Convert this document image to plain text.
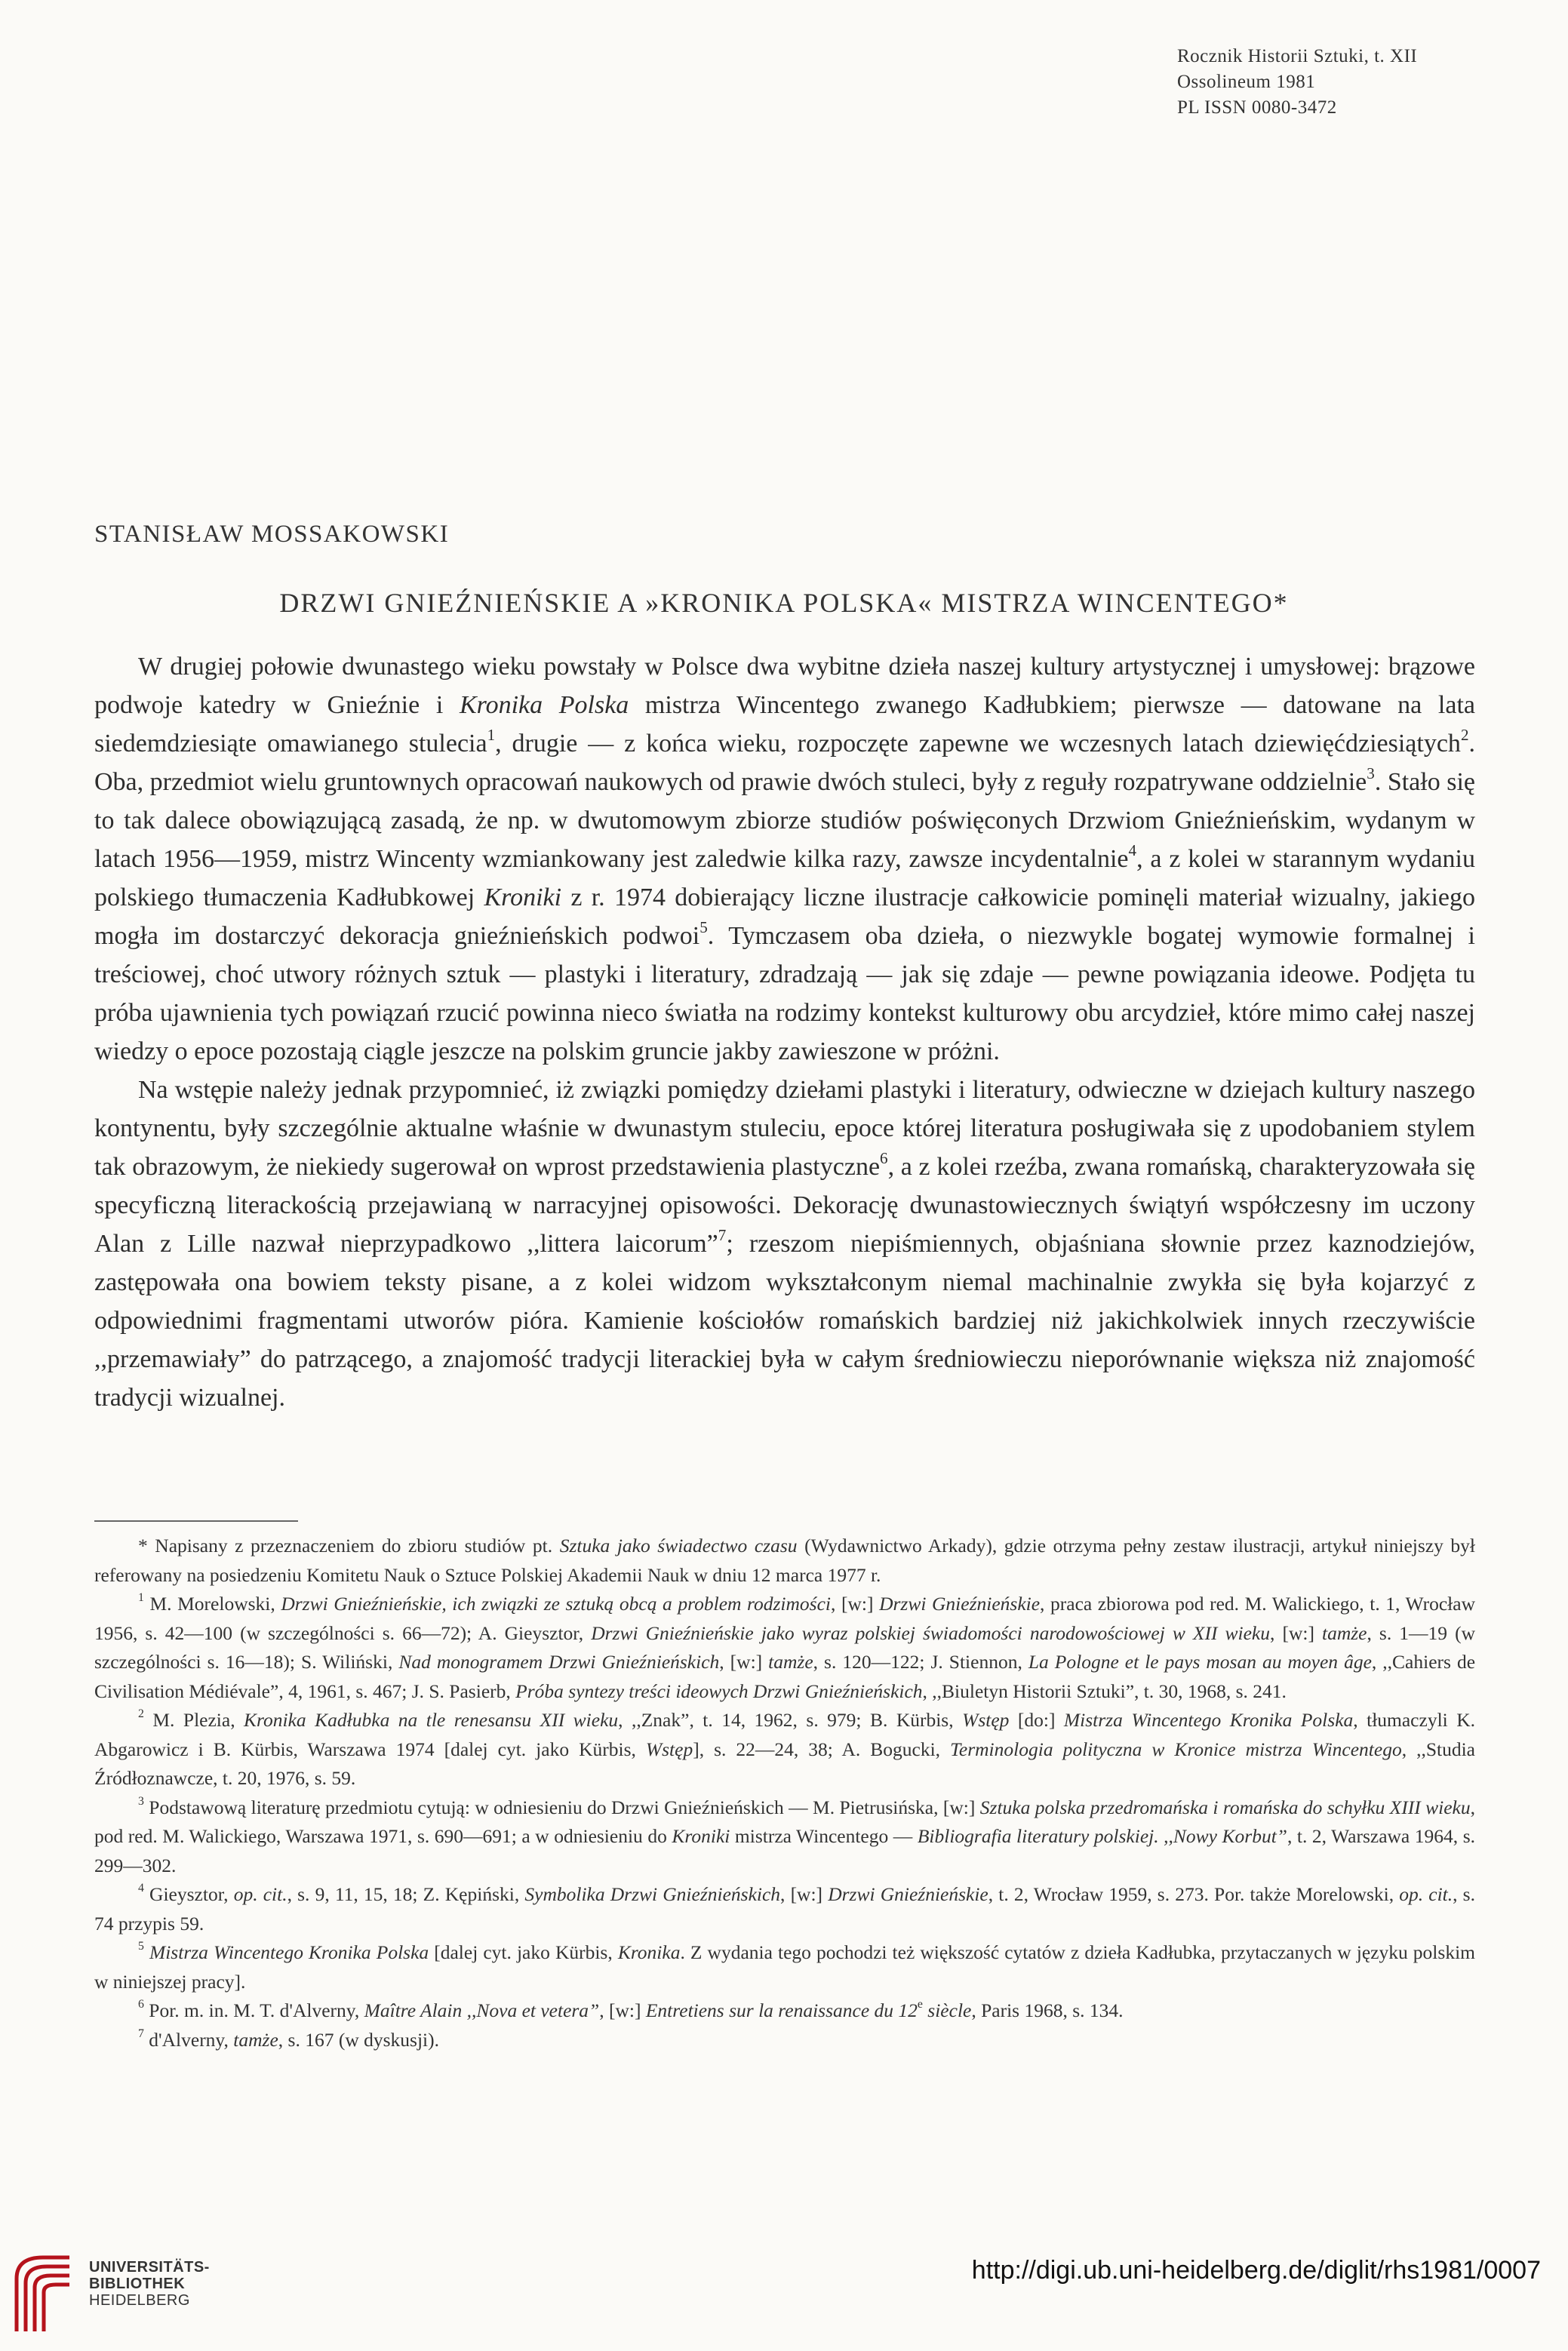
Rocznik Historii Sztuki, t. XII
Ossolineum 1981
PL ISSN 0080-3472
STANISŁAW MOSSAKOWSKI
DRZWI GNIEŹNIEŃSKIE A »KRONIKA POLSKA« MISTRZA WINCENTEGO*

W drugiej połowie dwunastego wieku powstały w Polsce dwa wybitne dzieła naszej kultury artystycznej i umysłowej: brązowe podwoje katedry w Gnieźnie i Kronika Polska mistrza Wincentego zwanego Kadłubkiem; pierwsze — datowane na lata siedemdziesiąte omawianego stulecia$^1$, drugie — z końca wieku, rozpoczęte zapewne we wczesnych latach dziewięćdziesiątych$^2$. Oba, przedmiot wielu gruntownych opracowań naukowych od prawie dwóch stuleci, były z reguły rozpatrywane oddzielnie$^3$. Stało się to tak dalece obowiązującą zasadą, że np. w dwutomowym zbiorze studiów poświęconych Drzwiom Gnieźnieńskim, wydanym w latach 1956—1959, mistrz Wincenty wzmiankowany jest zaledwie kilka razy, zawsze incydentalnie$^4$, a z kolei w starannym wydaniu polskiego tłumaczenia Kadłubkowej Kroniki z r. 1974 dobierający liczne ilustracje całkowicie pominęli materiał wizualny, jakiego mogła im dostarczyć dekoracja gnieźnieńskich podwoi$^5$. Tymczasem oba dzieła, o niezwykle bogatej wymowie formalnej i treściowej, choć utwory różnych sztuk — plastyki i literatury, zdradzają — jak się zdaje — pewne powiązania ideowe. Podjęta tu próba ujawnienia tych powiązań rzucić powinna nieco światła na rodzimy kontekst kulturowy obu arcydzieł, które mimo całej naszej wiedzy o epoce pozostają ciągle jeszcze na polskim gruncie jakby zawieszone w próżni.

Na wstępie należy jednak przypomnieć, iż związki pomiędzy dziełami plastyki i literatury, odwieczne w dziejach kultury naszego kontynentu, były szczególnie aktualne właśnie w dwunastym stuleciu, epoce której literatura posługiwała się z upodobaniem stylem tak obrazowym, że niekiedy sugerował on wprost przedstawienia plastyczne$^6$, a z kolei rzeźba, zwana romańską, charakteryzowała się specyficzną literackością przejawianą w narracyjnej opisowości. Dekorację dwunastowiecznych świątyń współczesny im uczony Alan z Lille nazwał nieprzypadkowo ,,littera laicorum”$^7$; rzeszom niepiśmiennych, objaśniana słownie przez kaznodziejów, zastępowała ona bowiem teksty pisane, a z kolei widzom wykształconym niemal machinalnie zwykła się była kojarzyć z odpowiednimi fragmentami utworów pióra. Kamienie kościołów romańskich bardziej niż jakichkolwiek innych rzeczywiście ,,przemawiały” do patrzącego, a znajomość tradycji literackiej była w całym średniowieczu nieporównanie większa niż znajomość tradycji wizualnej.

* Napisany z przeznaczeniem do zbioru studiów pt. Sztuka jako świadectwo czasu (Wydawnictwo Arkady), gdzie otrzyma pełny zestaw ilustracji, artykuł niniejszy był referowany na posiedzeniu Komitetu Nauk o Sztuce Polskiej Akademii Nauk w dniu 12 marca 1977 r.

$^1$ M. Morelowski, Drzwi Gnieźnieńskie, ich związki ze sztuką obcą a problem rodzimości, [w:] Drzwi Gnieźnieńskie, praca zbiorowa pod red. M. Walickiego, t. 1, Wrocław 1956, s. 42—100 (w szczególności s. 66—72); A. Gieysztor, Drzwi Gnieźnieńskie jako wyraz polskiej świadomości narodowościowej w XII wieku, [w:] tamże, s. 1—19 (w szczególności s. 16—18); S. Wiliński, Nad monogramem Drzwi Gnieźnieńskich, [w:] tamże, s. 120—122; J. Stiennon, La Pologne et le pays mosan au moyen âge, ,,Cahiers de Civilisation Médiévale”, 4, 1961, s. 467; J. S. Pasierb, Próba syntezy treści ideowych Drzwi Gnieźnieńskich, ,,Biuletyn Historii Sztuki”, t. 30, 1968, s. 241.

$^2$ M. Plezia, Kronika Kadłubka na tle renesansu XII wieku, ,,Znak”, t. 14, 1962, s. 979; B. Kürbis, Wstęp [do:] Mistrza Wincentego Kronika Polska, tłumaczyli K. Abgarowicz i B. Kürbis, Warszawa 1974 [dalej cyt. jako Kürbis, Wstęp], s. 22—24, 38; A. Bogucki, Terminologia polityczna w Kronice mistrza Wincentego, ,,Studia Źródłoznawcze, t. 20, 1976, s. 59.

$^3$ Podstawową literaturę przedmiotu cytują: w odniesieniu do Drzwi Gnieźnieńskich — M. Pietrusińska, [w:] Sztuka polska przedromańska i romańska do schyłku XIII wieku, pod red. M. Walickiego, Warszawa 1971, s. 690—691; a w odniesieniu do Kroniki mistrza Wincentego — Bibliografia literatury polskiej. ,,Nowy Korbut”, t. 2, Warszawa 1964, s. 299—302.

$^4$ Gieysztor, op. cit., s. 9, 11, 15, 18; Z. Kępiński, Symbolika Drzwi Gnieźnieńskich, [w:] Drzwi Gnieźnieńskie, t. 2, Wrocław 1959, s. 273. Por. także Morelowski, op. cit., s. 74 przypis 59.

$^5$ Mistrza Wincentego Kronika Polska [dalej cyt. jako Kürbis, Kronika. Z wydania tego pochodzi też większość cytatów z dzieła Kadłubka, przytaczanych w języku polskim w niniejszej pracy].

$^6$ Por. m. in. M. T. d'Alverny, Maître Alain ,,Nova et vetera”, [w:] Entretiens sur la renaissance du 12e siècle, Paris 1968, s. 134.

$^7$ d'Alverny, tamże, s. 167 (w dyskusji).

UNIVERSITÄTS-
BIBLIOTHEK
HEIDELBERG
http://digi.ub.uni-heidelberg.de/diglit/rhs1981/0007
